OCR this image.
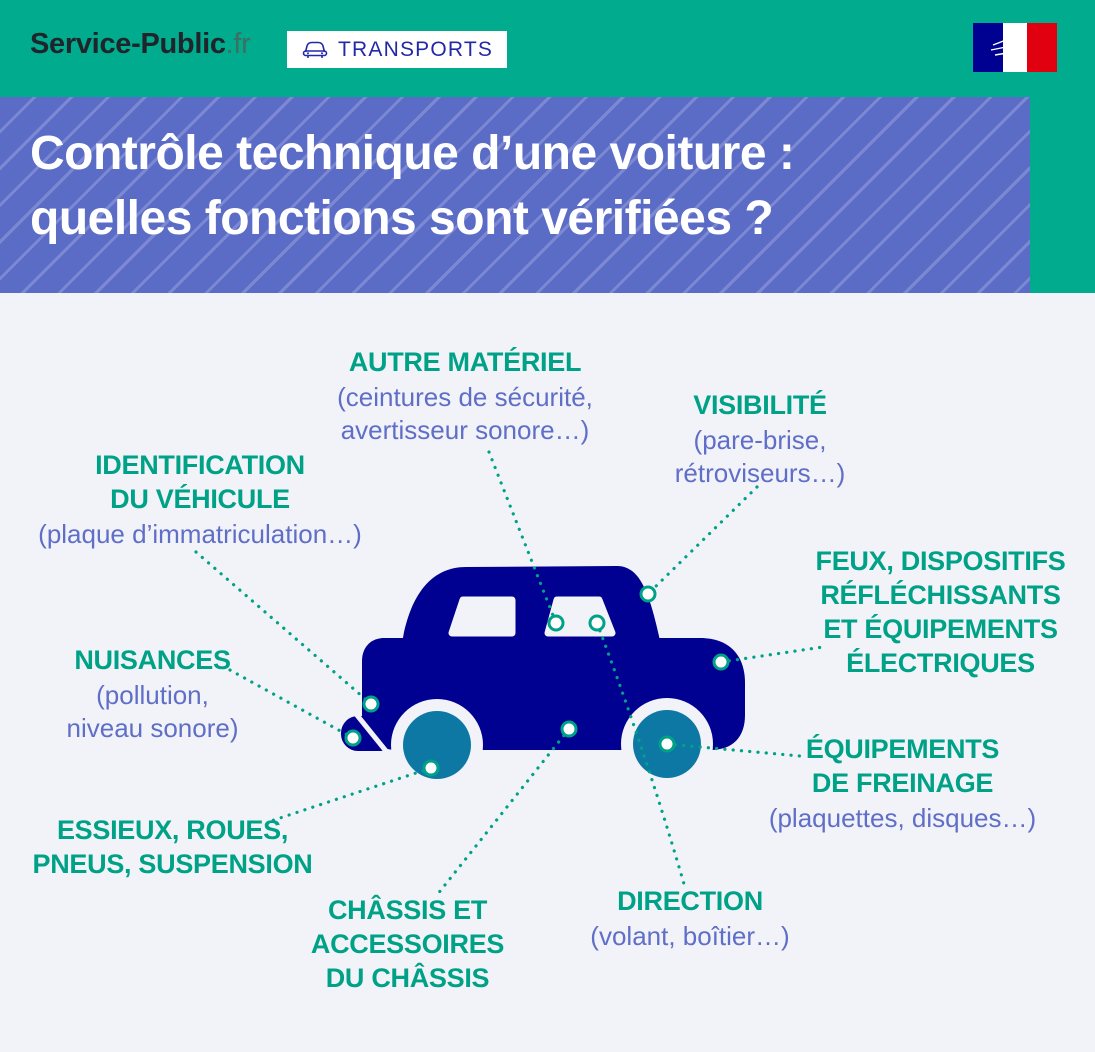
Service-Public.fr	TRANSPORTS
Contrôle technique d’une voiture :
quelles fonctions sont vérifiées ?
AUTRE MATÉRIEL
(ceintures de sécurité,
avertisseur sonore…)
VISIBILITÉ
(pare-brise,
rétroviseurs…)
IDENTIFICATION
DU VÉHICULE
(plaque d’immatriculation…)
FEUX, DISPOSITIFS
RÉFLÉCHISSANTS
ET ÉQUIPEMENTS
ÉLECTRIQUES
NUISANCES
(pollution,
niveau sonore)
ÉQUIPEMENTS
DE FREINAGE
(plaquettes, disques…)
ESSIEUX, ROUES,
PNEUS, SUSPENSION
CHÂSSIS ET
ACCESSOIRES
DU CHÂSSIS
DIRECTION
(volant, boîtier…)
